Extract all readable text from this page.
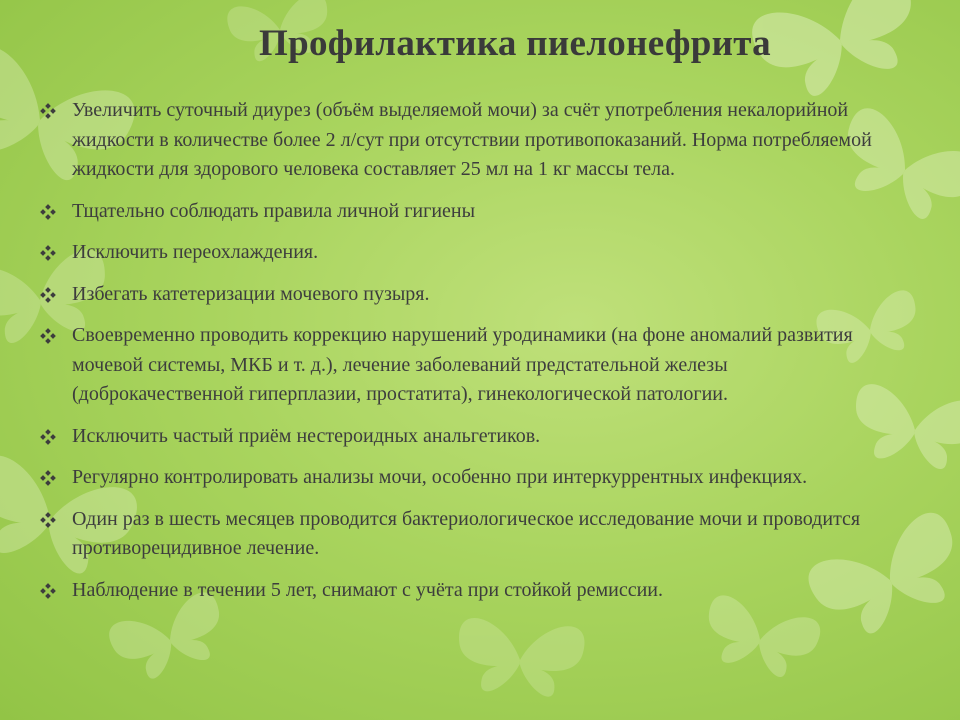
Профилактика пиелонефрита
Увеличить суточный диурез (объём выделяемой мочи) за счёт употребления некалорийной жидкости в количестве более 2 л/сут при отсутствии противопоказаний. Норма потребляемой жидкости для здорового человека составляет 25 мл на 1 кг массы тела.
Тщательно соблюдать правила личной гигиены
Исключить переохлаждения.
Избегать катетеризации мочевого пузыря.
Своевременно проводить коррекцию нарушений уродинамики (на фоне аномалий развития мочевой системы, МКБ и т. д.), лечение заболеваний предстательной железы (доброкачественной гиперплазии, простатита), гинекологической патологии.
Исключить частый приём нестероидных анальгетиков.
Регулярно контролировать анализы мочи, особенно при интеркуррентных инфекциях.
Один раз в шесть месяцев проводится бактериологическое исследование мочи и проводится противорецидивное лечение.
Наблюдение в течении 5 лет, снимают с учёта при стойкой ремиссии.
